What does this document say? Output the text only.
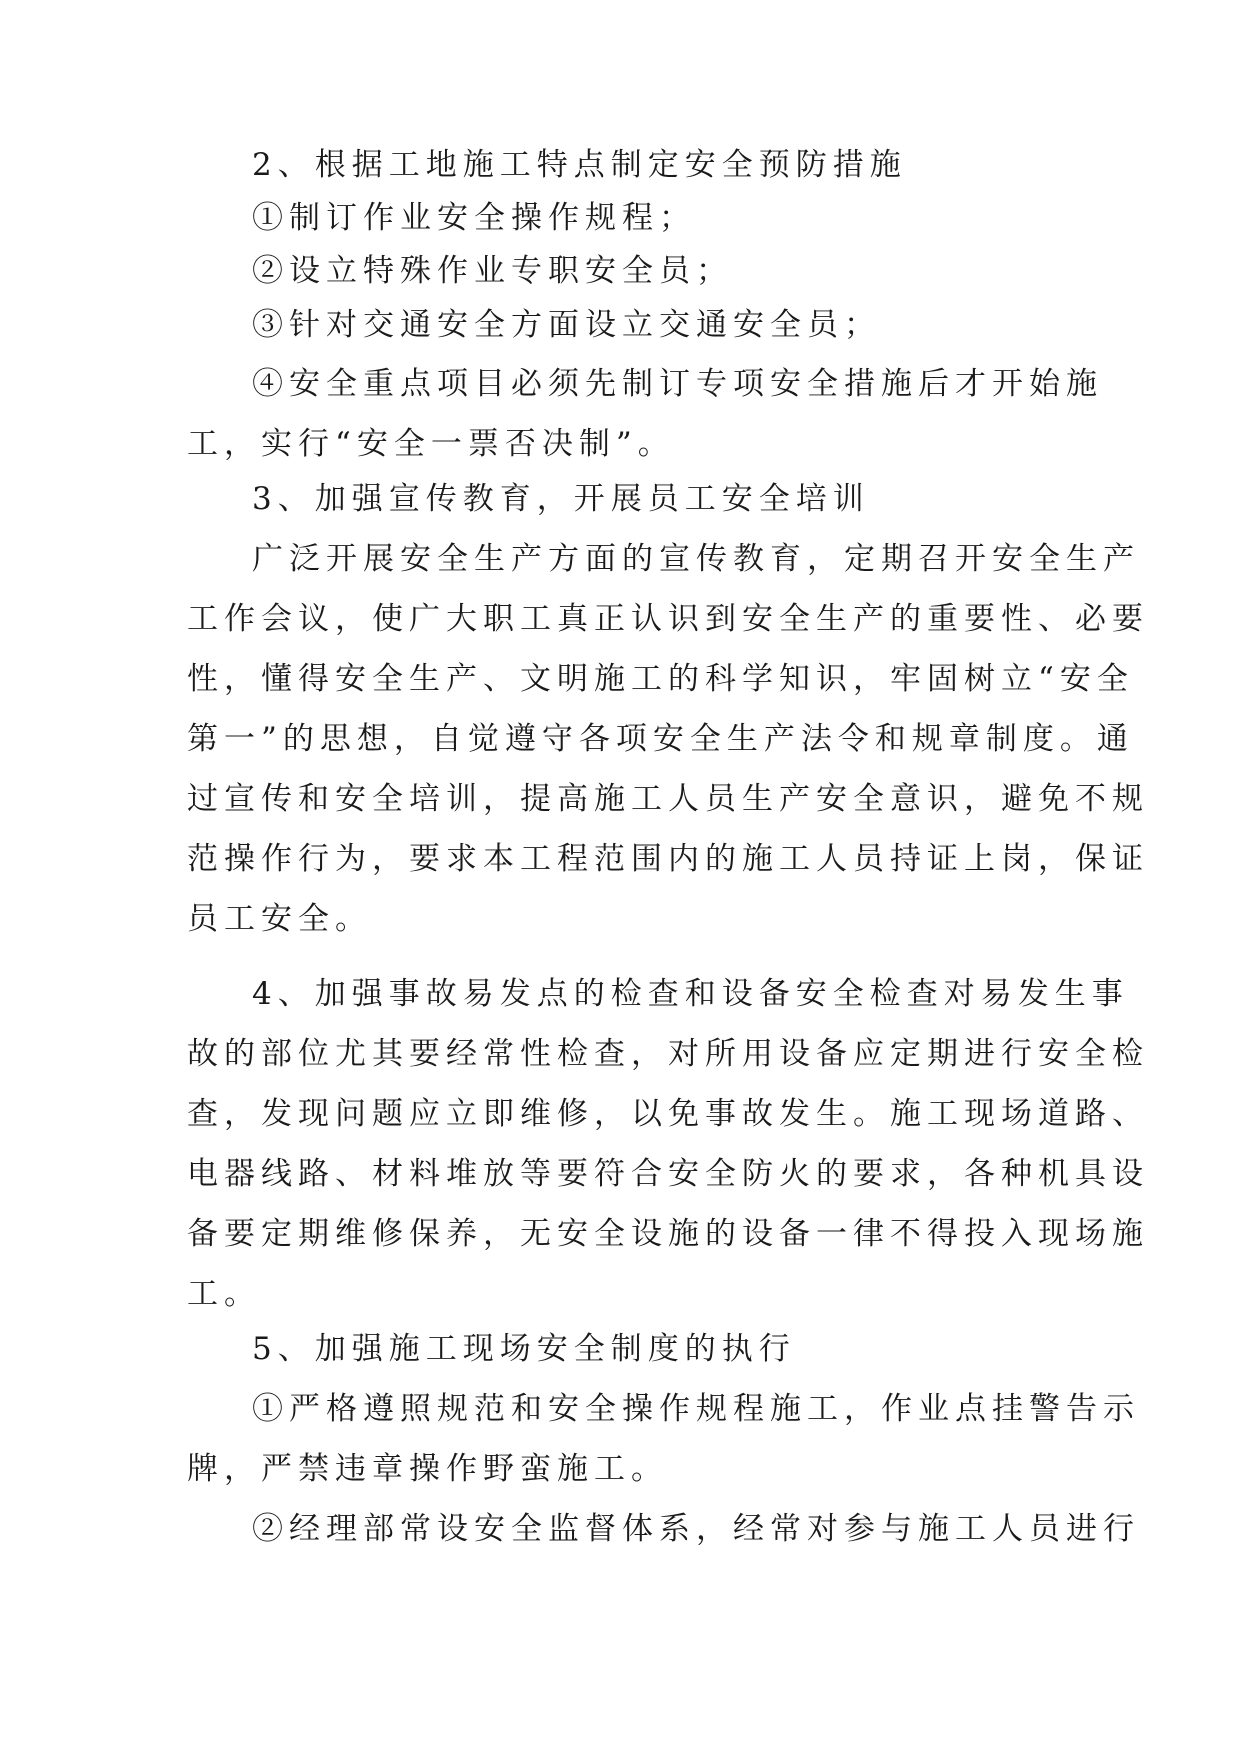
2、根据工地施工特点制定安全预防措施
①制订作业安全操作规程；
②设立特殊作业专职安全员；
③针对交通安全方面设立交通安全员；
④安全重点项目必须先制订专项安全措施后才开始施
工，实行“安全一票否决制”。
3、加强宣传教育，开展员工安全培训
广泛开展安全生产方面的宣传教育，定期召开安全生产
工作会议，使广大职工真正认识到安全生产的重要性、必要
性，懂得安全生产、文明施工的科学知识，牢固树立“安全
第一”的思想，自觉遵守各项安全生产法令和规章制度。通
过宣传和安全培训，提高施工人员生产安全意识，避免不规
范操作行为，要求本工程范围内的施工人员持证上岗，保证
员工安全。
4、加强事故易发点的检查和设备安全检查对易发生事
故的部位尤其要经常性检查，对所用设备应定期进行安全检
查，发现问题应立即维修，以免事故发生。施工现场道路、
电器线路、材料堆放等要符合安全防火的要求，各种机具设
备要定期维修保养，无安全设施的设备一律不得投入现场施
工。
5、加强施工现场安全制度的执行
①严格遵照规范和安全操作规程施工，作业点挂警告示
牌，严禁违章操作野蛮施工。
②经理部常设安全监督体系，经常对参与施工人员进行
